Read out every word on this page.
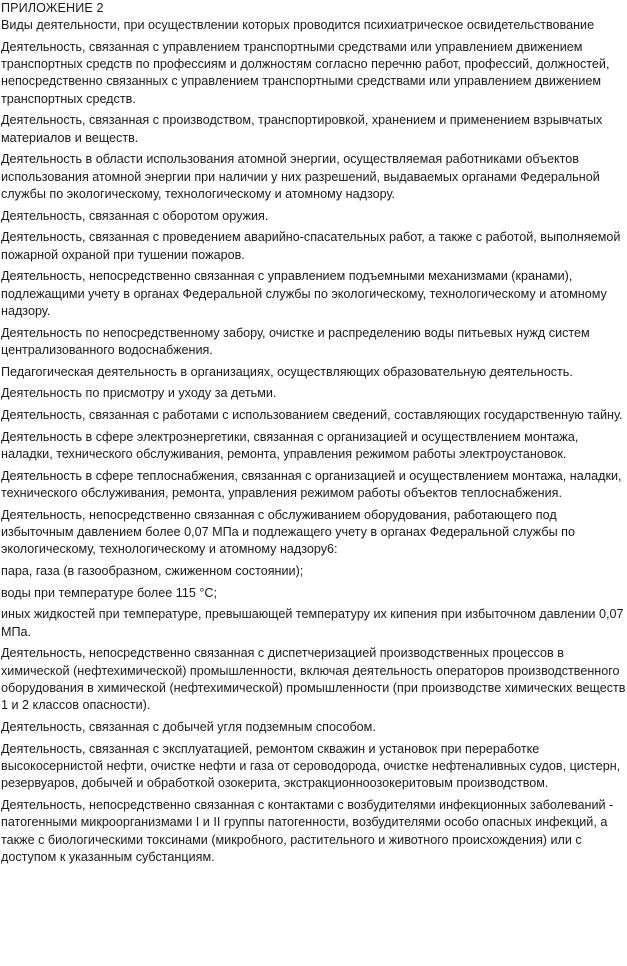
ПРИЛОЖЕНИЕ 2

Виды деятельности, при осуществлении которых проводится психиатрическое освидетельствование

Деятельность, связанная с управлением транспортными средствами или управлением движением транспортных средств по профессиям и должностям согласно перечню работ, профессий, должностей, непосредственно связанных с управлением транспортными средствами или управлением движением транспортных средств.

Деятельность, связанная с производством, транспортировкой, хранением и применением взрывчатых материалов и веществ.

Деятельность в области использования атомной энергии, осуществляемая работниками объектов использования атомной энергии при наличии у них разрешений, выдаваемых органами Федеральной службы по экологическому, технологическому и атомному надзору.

Деятельность, связанная с оборотом оружия.

Деятельность, связанная с проведением аварийно-спасательных работ, а также с работой, выполняемой пожарной охраной при тушении пожаров.

Деятельность, непосредственно связанная с управлением подъемными механизмами (кранами), подлежащими учету в органах Федеральной службы по экологическому, технологическому и атомному надзору.

Деятельность по непосредственному забору, очистке и распределению воды питьевых нужд систем централизованного водоснабжения.

Педагогическая деятельность в организациях, осуществляющих образовательную деятельность.

Деятельность по присмотру и уходу за детьми.

Деятельность, связанная с работами с использованием сведений, составляющих государственную тайну.

Деятельность в сфере электроэнергетики, связанная с организацией и осуществлением монтажа, наладки, технического обслуживания, ремонта, управления режимом работы электроустановок.

Деятельность в сфере теплоснабжения, связанная с организацией и осуществлением монтажа, наладки, технического обслуживания, ремонта, управления режимом работы объектов теплоснабжения.

Деятельность, непосредственно связанная с обслуживанием оборудования, работающего под избыточным давлением более 0,07 МПа и подлежащего учету в органах Федеральной службы по экологическому, технологическому и атомному надзору6:

пара, газа (в газообразном, сжиженном состоянии);

воды при температуре более 115 °С;

иных жидкостей при температуре, превышающей температуру их кипения при избыточном давлении 0,07 МПа.

Деятельность, непосредственно связанная с диспетчеризацией производственных процессов в химической (нефтехимической) промышленности, включая деятельность операторов производственного оборудования в химической (нефтехимической) промышленности (при производстве химических веществ 1 и 2 классов опасности).

Деятельность, связанная с добычей угля подземным способом.

Деятельность, связанная с эксплуатацией, ремонтом скважин и установок при переработке высокосернистой нефти, очистке нефти и газа от сероводорода, очистке нефтеналивных судов, цистерн, резервуаров, добычей и обработкой озокерита, экстракционноозокеритовым производством.

Деятельность, непосредственно связанная с контактами с возбудителями инфекционных заболеваний - патогенными микроорганизмами I и II группы патогенности, возбудителями особо опасных инфекций, а также с биологическими токсинами (микробного, растительного и животного происхождения) или с доступом к указанным субстанциям.
